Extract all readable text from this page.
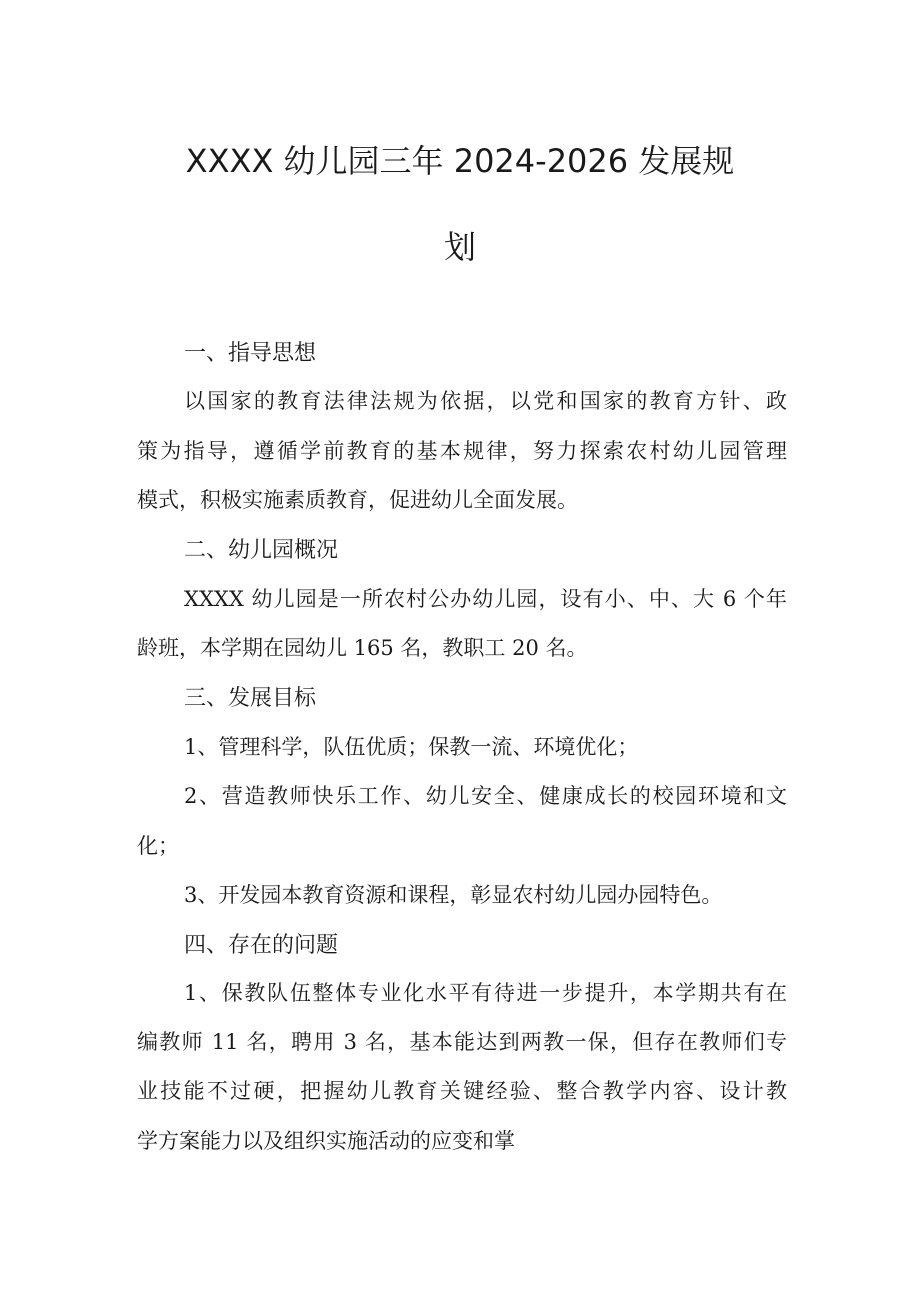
XXXX 幼儿园三年 2024-2026 发展规
划
一、指导思想
以国家的教育法律法规为依据，以党和国家的教育方针、政
策为指导，遵循学前教育的基本规律，努力探索农村幼儿园管理
模式，积极实施素质教育，促进幼儿全面发展。
二、幼儿园概况
XXXX 幼儿园是一所农村公办幼儿园，设有小、中、大 6 个年
龄班，本学期在园幼儿 165 名，教职工 20 名。
三、发展目标
1、管理科学，队伍优质；保教一流、环境优化；
2、营造教师快乐工作、幼儿安全、健康成长的校园环境和文
化；
3、开发园本教育资源和课程，彰显农村幼儿园办园特色。
四、存在的问题
1、保教队伍整体专业化水平有待进一步提升，本学期共有在
编教师 11 名，聘用 3 名，基本能达到两教一保，但存在教师们专
业技能不过硬，把握幼儿教育关键经验、整合教学内容、设计教
学方案能力以及组织实施活动的应变和掌
